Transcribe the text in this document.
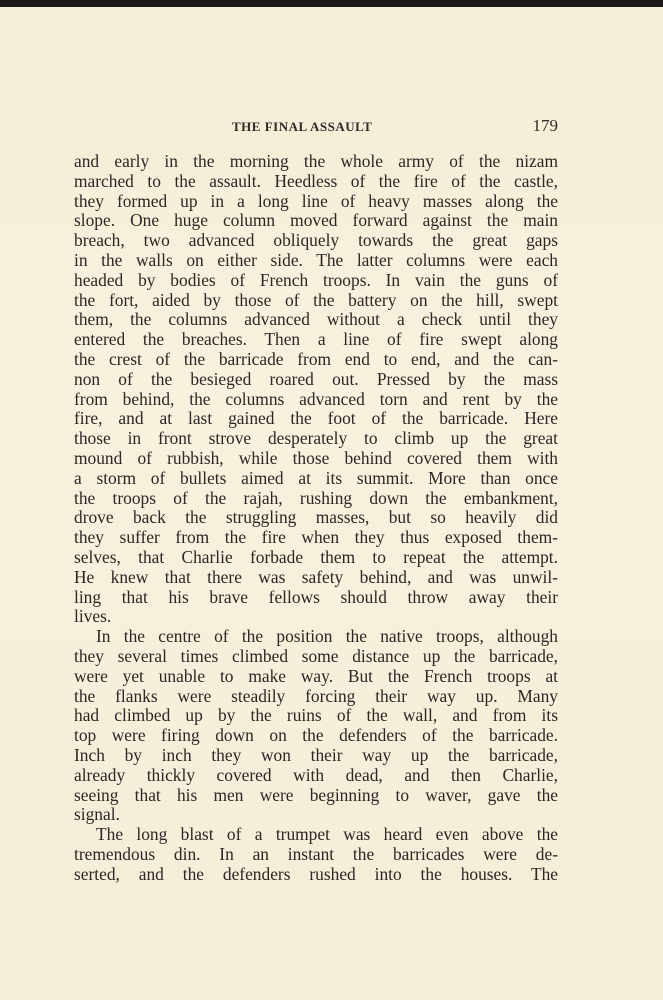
THE FINAL ASSAULT	179
and early in the morning the whole army of the nizam
marched to the assault. Heedless of the fire of the castle,
they formed up in a long line of heavy masses along the
slope. One huge column moved forward against the main
breach, two advanced obliquely towards the great gaps
in the walls on either side. The latter columns were each
headed by bodies of French troops. In vain the guns of
the fort, aided by those of the battery on the hill, swept
them, the columns advanced without a check until they
entered the breaches. Then a line of fire swept along
the crest of the barricade from end to end, and the can-
non of the besieged roared out. Pressed by the mass
from behind, the columns advanced torn and rent by the
fire, and at last gained the foot of the barricade. Here
those in front strove desperately to climb up the great
mound of rubbish, while those behind covered them with
a storm of bullets aimed at its summit. More than once
the troops of the rajah, rushing down the embankment,
drove back the struggling masses, but so heavily did
they suffer from the fire when they thus exposed them-
selves, that Charlie forbade them to repeat the attempt.
He knew that there was safety behind, and was unwil-
ling that his brave fellows should throw away their
lives.
In the centre of the position the native troops, although
they several times climbed some distance up the barricade,
were yet unable to make way. But the French troops at
the flanks were steadily forcing their way up. Many
had climbed up by the ruins of the wall, and from its
top were firing down on the defenders of the barricade.
Inch by inch they won their way up the barricade,
already thickly covered with dead, and then Charlie,
seeing that his men were beginning to waver, gave the
signal.
The long blast of a trumpet was heard even above the
tremendous din. In an instant the barricades were de-
serted, and the defenders rushed into the houses. The
